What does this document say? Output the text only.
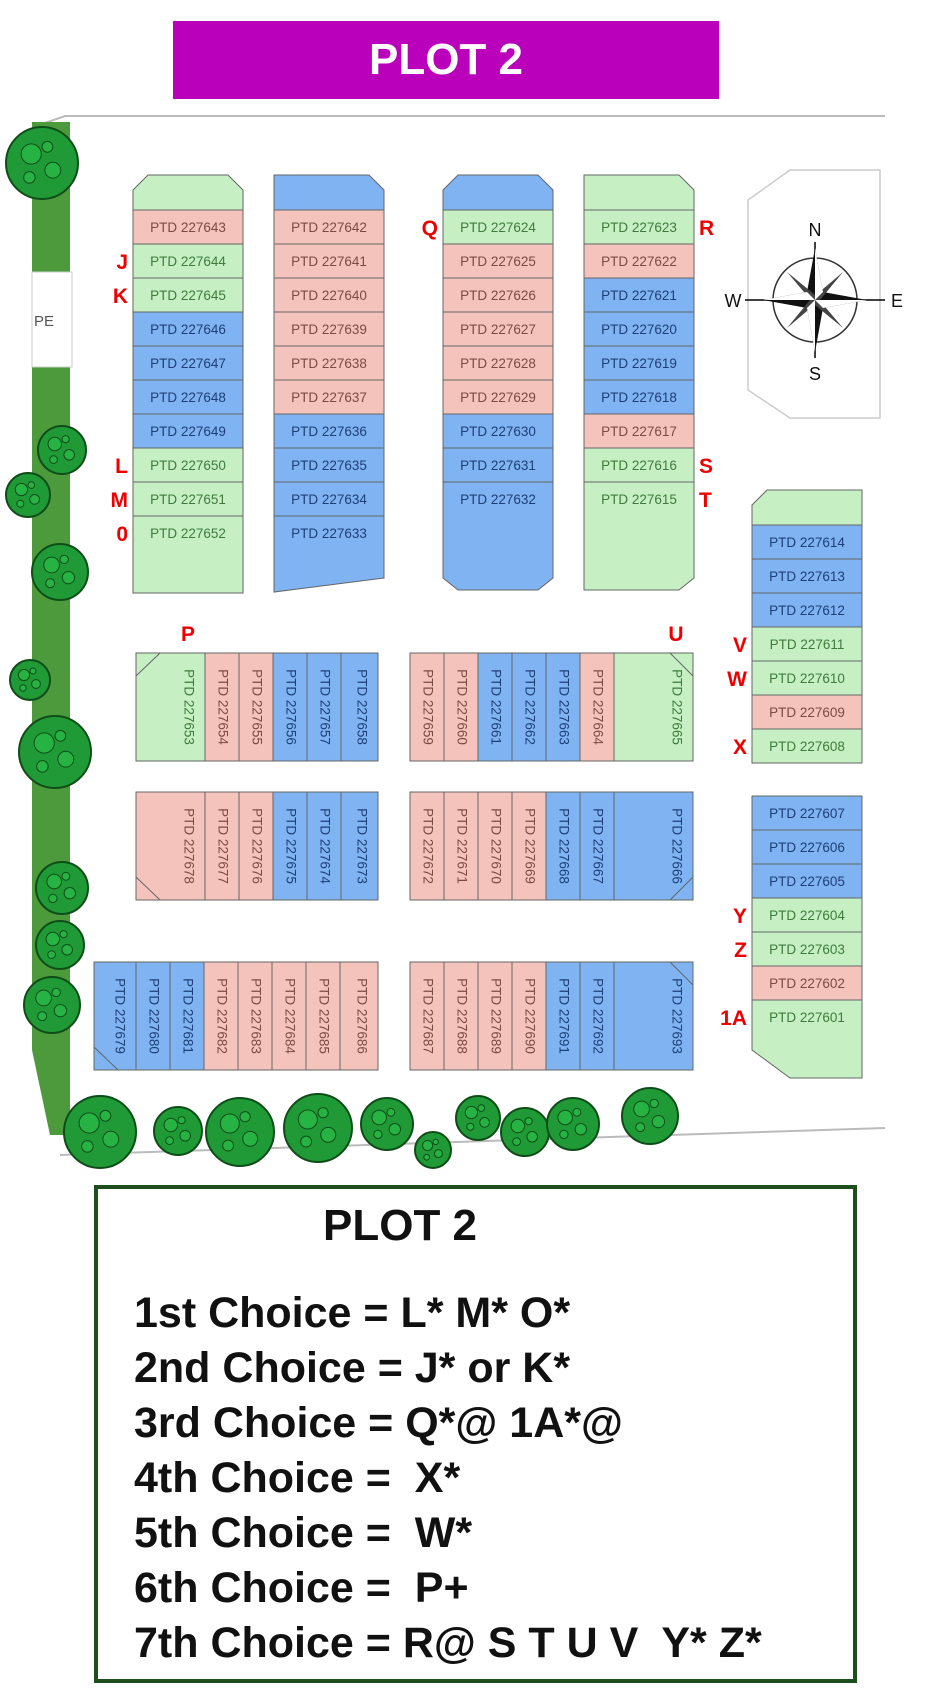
PLOT 2
PE
N
S
W	E
PTD 227643
PTD 227644
PTD 227645
PTD 227646
PTD 227647
PTD 227648
PTD 227649
PTD 227650
PTD 227651
PTD 227652
PTD 227642
PTD 227641
PTD 227640
PTD 227639
PTD 227638
PTD 227637
PTD 227636
PTD 227635
PTD 227634
PTD 227633
PTD 227624
PTD 227625
PTD 227626
PTD 227627
PTD 227628
PTD 227629
PTD 227630
PTD 227631
PTD 227632
PTD 227623
PTD 227622
PTD 227621
PTD 227620
PTD 227619
PTD 227618
PTD 227617
PTD 227616
PTD 227615
PTD 227614
PTD 227613
PTD 227612
PTD 227611
PTD 227610
PTD 227609
PTD 227608
PTD 227607
PTD 227606
PTD 227605
PTD 227604
PTD 227603
PTD 227602
PTD 227601
PTD 227653 PTD 227654 PTD 227655 PTD 227656 PTD 227657 PTD 227658	PTD 227659 PTD 227660 PTD 227661 PTD 227662 PTD 227663 PTD 227664	PTD 227665
PTD 227678 PTD 227677 PTD 227676 PTD 227675 PTD 227674 PTD 227673	PTD 227672 PTD 227671 PTD 227670 PTD 227669 PTD 227668 PTD 227667	PTD 227666
PTD 227679 PTD 227680 PTD 227681 PTD 227682 PTD 227683 PTD 227684 PTD 227685 PTD 227686	PTD 227687 PTD 227688 PTD 227689 PTD 227690 PTD 227691 PTD 227692	PTD 227693
J
K
L
M
0
Q	R
S
T
P	U V
W
X
Y
Z
1A
PLOT 2
1st Choice = L* M* O*
2nd Choice = J* or K*
3rd Choice = Q*@ 1A*@
4th Choice =  X*
5th Choice =  W*
6th Choice =  P+
7th Choice = R@ S T U V  Y* Z*
